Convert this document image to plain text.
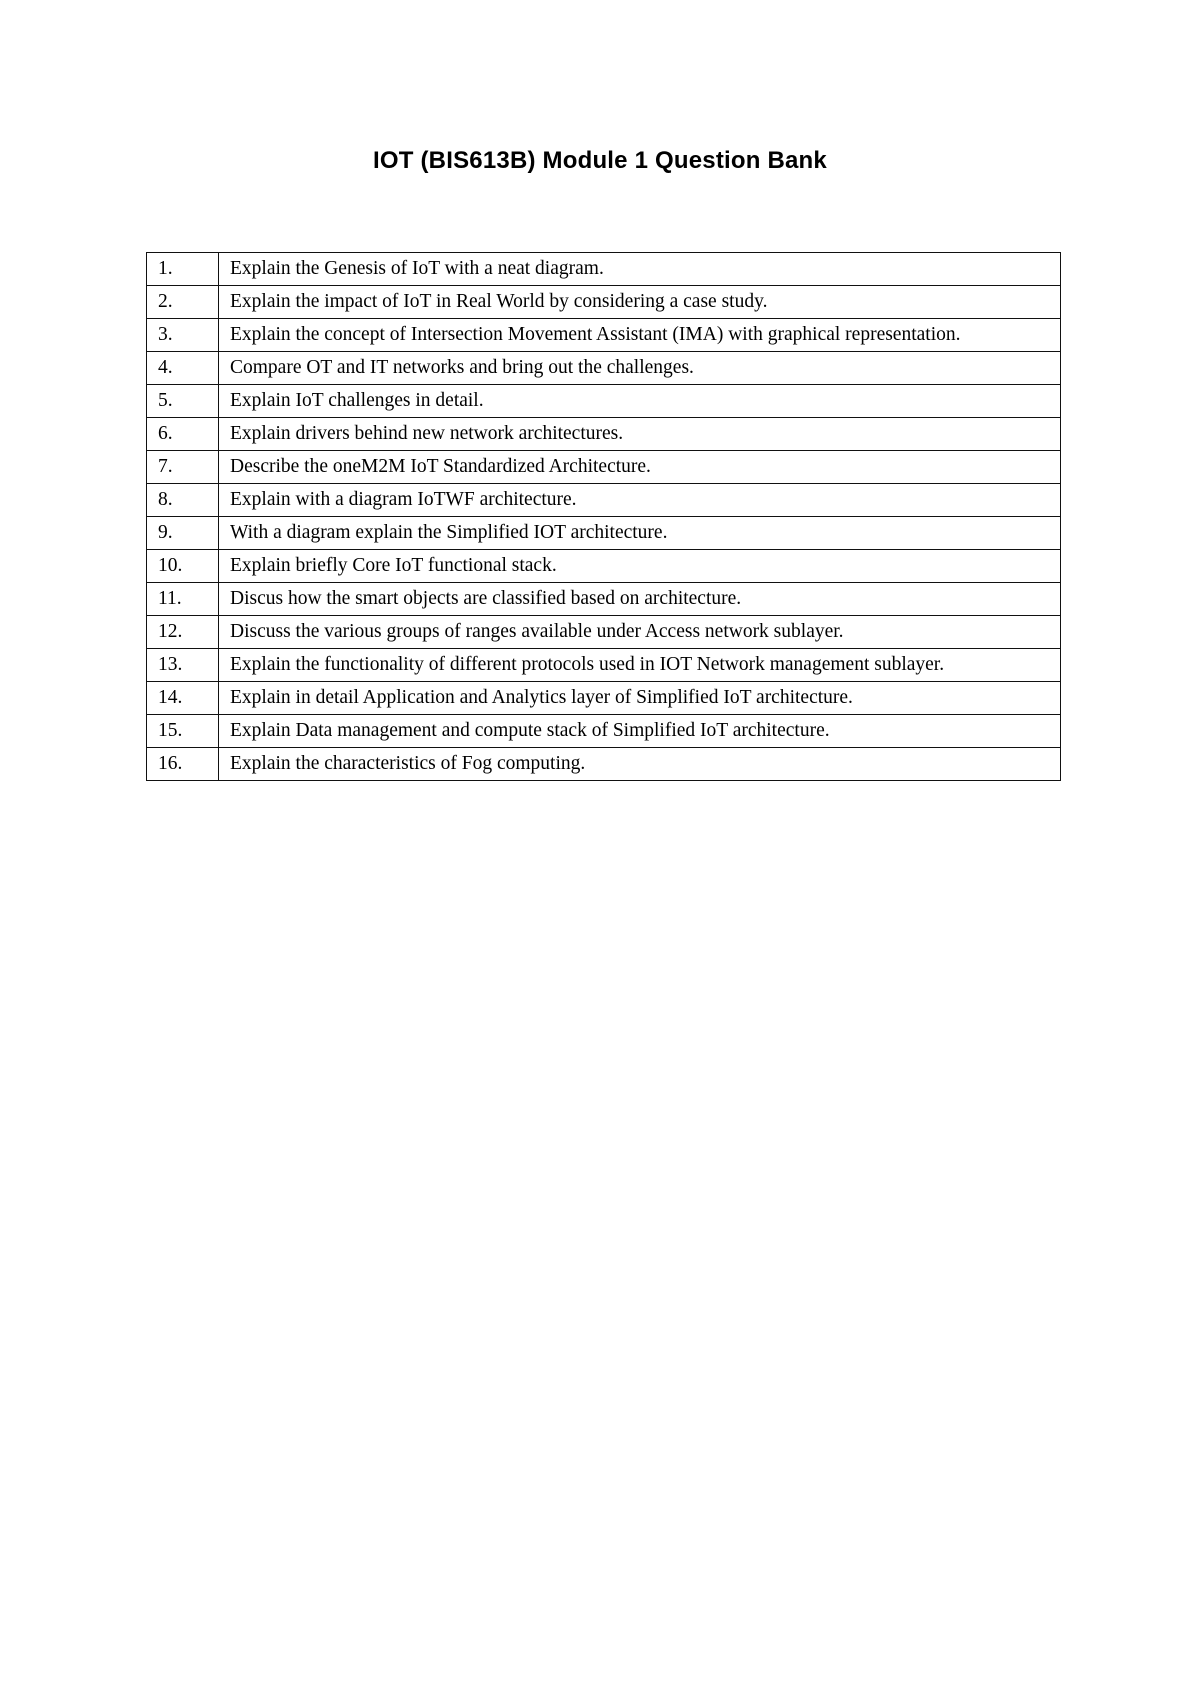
IOT (BIS613B) Module 1 Question Bank
1.	Explain the Genesis of IoT with a neat diagram.
2.	Explain the impact of IoT in Real World by considering a case study.
3.	Explain the concept of Intersection Movement Assistant (IMA) with graphical representation.
4.	Compare OT and IT networks and bring out the challenges.
5.	Explain IoT challenges in detail.
6.	Explain drivers behind new network architectures.
7.	Describe the oneM2M IoT Standardized Architecture.
8.	Explain with a diagram IoTWF architecture.
9.	With a diagram explain the Simplified IOT architecture.
10.	Explain briefly Core IoT functional stack.
11.	Discus how the smart objects are classified based on architecture.
12.	Discuss the various groups of ranges available under Access network sublayer.
13.	Explain the functionality of different protocols used in IOT Network management sublayer.
14.	Explain in detail Application and Analytics layer of Simplified IoT architecture.
15.	Explain Data management and compute stack of Simplified IoT architecture.
16.	Explain the characteristics of Fog computing.
